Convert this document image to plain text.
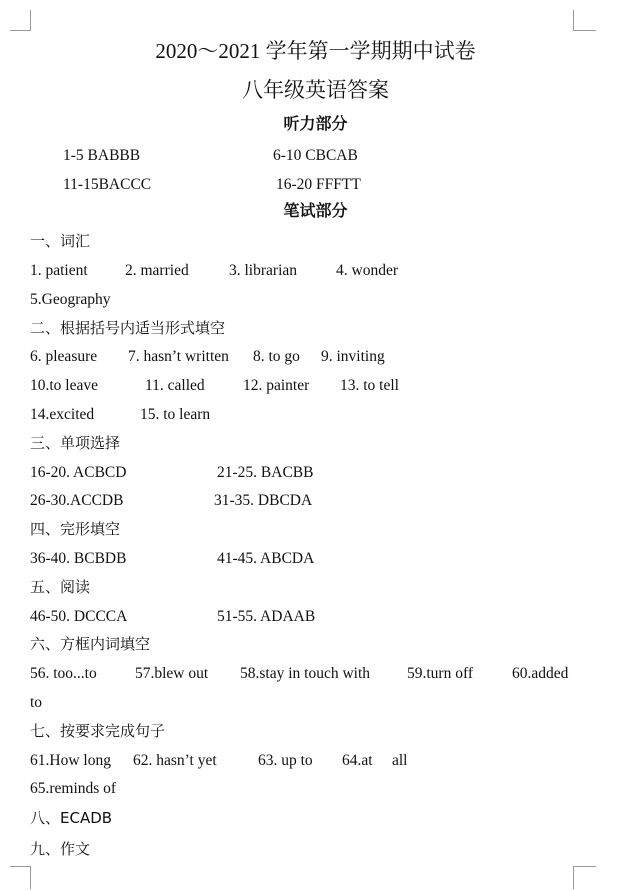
2020～2021 学年第一学期期中试卷
八年级英语答案
听力部分
1-5 BABBB	6-10 CBCAB
11-15BACCC	16-20 FFFTT
笔试部分
一、词汇
1. patient 2. married	3. librarian	4. wonder
5.Geography
二、根据括号内适当形式填空
6. pleasure 7. hasn’t written 8. to go 9. inviting
10.to leave	11. called 12. painter 13. to tell
14.excited	15. to learn
三、单项选择
16-20. ACBCD	21-25. BACBB
26-30.ACCDB	31-35. DBCDA
四、完形填空
36-40. BCBDB	41-45. ABCDA
五、阅读
46-50. DCCCA	51-55. ADAAB
六、方框内词填空
56. too...to 57.blew out 58.stay in touch with 59.turn off	60.added
to
七、按要求完成句子
61.How long 62. hasn’t yet	63. up to 64.at all
65.reminds of
八、ECADB
九、作文
